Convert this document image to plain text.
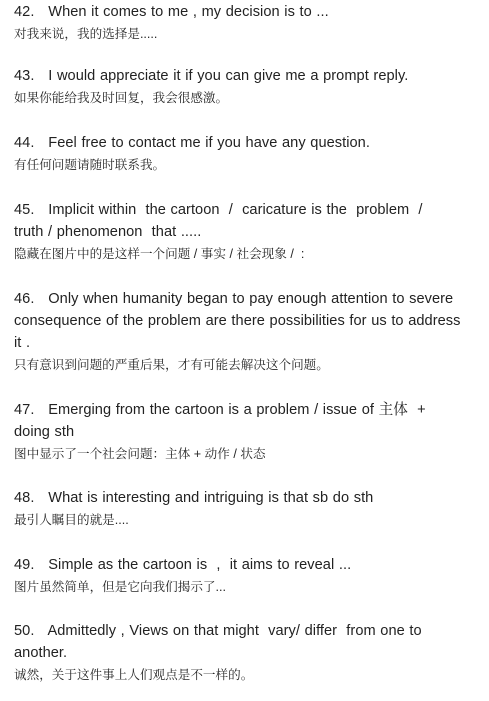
42.   When it comes to me , my decision is to ...
对我来说，我的选择是.....
43.   I would appreciate it if you can give me a prompt reply.
如果你能给我及时回复，我会很感激。
44.   Feel free to contact me if you have any question.
有任何问题请随时联系我。
45.   Implicit within  the cartoon  /  caricature is the  problem  /
truth / phenomenon  that .....
隐藏在图片中的是这样一个问题 / 事实 / 社会现象 /  :
46.   Only when humanity began to pay enough attention to severe
consequence of the problem are there possibilities for us to address
it .
只有意识到问题的严重后果，才有可能去解决这个问题。
47.   Emerging from the cartoon is a problem / issue of 主体  +
doing sth
图中显示了一个社会问题：主体 + 动作 / 状态
48.   What is interesting and intriguing is that sb do sth
最引人瞩目的就是....
49.   Simple as the cartoon is  ,  it aims to reveal ...
图片虽然简单，但是它向我们揭示了...
50.   Admittedly , Views on that might  vary/ differ  from one to
another.
诚然，关于这件事上人们观点是不一样的。
